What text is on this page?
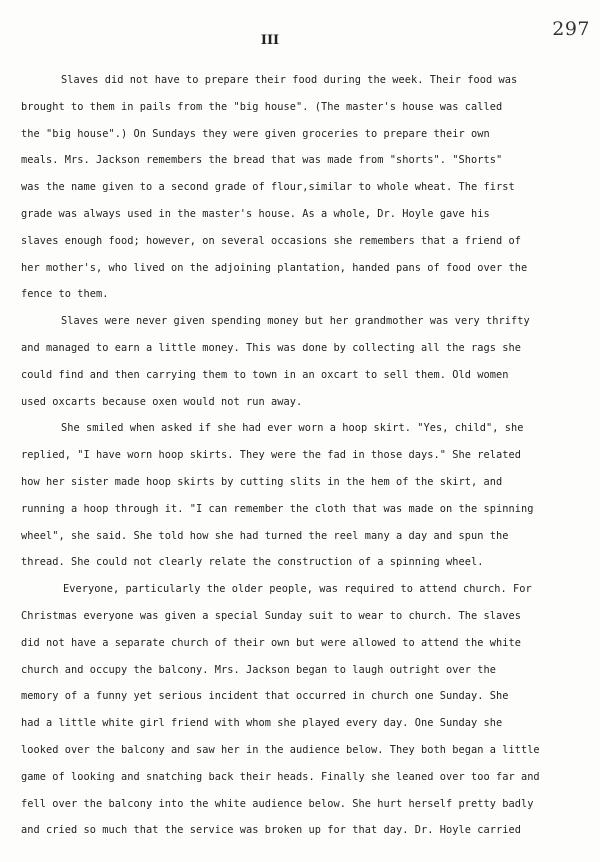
297
III
Slaves did not have to prepare their food during the week. Their food was
brought to them in pails from the "big house". (The master's house was called
the "big house".) On Sundays they were given groceries to prepare their own
meals. Mrs. Jackson remembers the bread that was made from "shorts". "Shorts"
was the name given to a second grade of flour,similar to whole wheat. The first
grade was always used in the master's house. As a whole, Dr. Hoyle gave his
slaves enough food; however, on several occasions she remembers that a friend of
her mother's, who lived on the adjoining plantation, handed pans of food over the
fence to them.
Slaves were never given spending money but her grandmother was very thrifty
and managed to earn a little money. This was done by collecting all the rags she
could find and then carrying them to town in an oxcart to sell them. Old women
used oxcarts because oxen would not run away.
She smiled when asked if she had ever worn a hoop skirt. "Yes, child", she
replied, "I have worn hoop skirts. They were the fad in those days." She related
how her sister made hoop skirts by cutting slits in the hem of the skirt, and
running a hoop through it. "I can remember the cloth that was made on the spinning
wheel", she said. She told how she had turned the reel many a day and spun the
thread. She could not clearly relate the construction of a spinning wheel.
Everyone, particularly the older people, was required to attend church. For
Christmas everyone was given a special Sunday suit to wear to church. The slaves
did not have a separate church of their own but were allowed to attend the white
church and occupy the balcony. Mrs. Jackson began to laugh outright over the
memory of a funny yet serious incident that occurred in church one Sunday. She
had a little white girl friend with whom she played every day. One Sunday she
looked over the balcony and saw her in the audience below. They both began a little
game of looking and snatching back their heads. Finally she leaned over too far and
fell over the balcony into the white audience below. She hurt herself pretty badly
and cried so much that the service was broken up for that day. Dr. Hoyle carried
